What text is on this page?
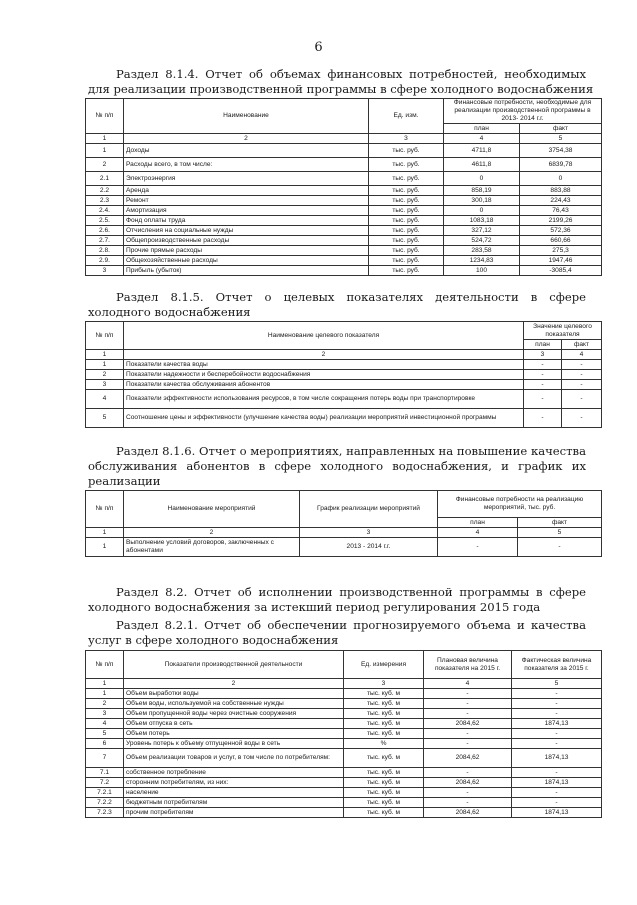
6
Раздел 8.1.4. Отчет об объемах финансовых потребностей, необходимых
для реализации производственной программы в сфере холодного водоснабжения
№ п/п	Наименование	Ед. изм.	Финансовые потребности, необходимые для реализации производственной программы в 2013- 2014 г.г.	
			план	факт
1	2	3	4	5
1	Доходы	тыс. руб.	4711,8	3754,38
2	Расходы всего, в том числе:	тыс. руб.	4611,8	6839,78
2.1	Электроэнергия	тыс. руб.	0	0
2.2	Аренда	тыс. руб.	858,19	883,88
2.3	Ремонт	тыс. руб.	300,18	224,43
2.4.	Амортизация	тыс. руб.	0	76,43
2.5.	Фонд оплаты труда	тыс. руб.	1083,18	2199,26
2.6.	Отчисления на социальные нужды	тыс. руб.	327,12	572,36
2.7.	Общепроизводственные расходы	тыс. руб.	524,72	660,66
2.8.	Прочие прямые расходы	тыс. руб.	283,58	275,3
2.9.	Общехозяйственные расходы	тыс. руб.	1234,83	1947,46
3	Прибыль (убыток)	тыс. руб.	100	-3085,4
Раздел 8.1.5. Отчет о целевых показателях деятельности в сфере
холодного водоснабжения
№ п/п	Наименование целевого показателя	Значение целевого показателя	
		план	факт
1	2	3	4
1	Показатели качества воды	-	-
2	Показатели надежности и бесперебойности водоснабжения	-	-
3	Показатели качества обслуживания абонентов	-	-
4	Показатели эффективности использования ресурсов, в том числе сокращения потерь воды при транспортировке	-	-
5	Соотношение цены и эффективности (улучшение качества воды) реализации мероприятий инвестиционной программы	-	-
Раздел 8.1.6. Отчет о мероприятиях, направленных на повышение качества
обслуживания абонентов в сфере холодного водоснабжения, и график их
реализации
№ п/п	Наименование мероприятий	График реализации мероприятий	Финансовые потребности на реализацию мероприятий, тыс. руб.	
			план	факт
1	2	3	4	5
1	Выполнение условий договоров, заключенных с абонентами	2013 - 2014 г.г.	-	-
Раздел 8.2. Отчет об исполнении производственной программы в сфере
холодного водоснабжения за истекший период регулирования 2015 года
Раздел 8.2.1. Отчет об обеспечении прогнозируемого объема и качества
услуг в сфере холодного водоснабжения
№ п/п	Показатели производственной деятельности	Ед. измерения	Плановая величина показателя на 2015 г.	Фактическая величина показателя за 2015 г.
1	2	3	4	5
1	Объем выработки воды	тыс. куб. м	-	-
2	Объем воды, используемой на собственные нужды	тыс. куб. м	-	-
3	Объем пропущенной воды через очистные сооружения	тыс. куб. м	-	-
4	Объем отпуска в сеть	тыс. куб. м	2084,62	1874,13
5	Объем потерь	тыс. куб. м	-	-
6	Уровень потерь к объему отпущенной воды в сеть	%	-	-
7	Объем реализации товаров и услуг, в том числе по потребителям:	тыс. куб. м	2084,62	1874,13
7.1	собственное потребление	тыс. куб. м	-	-
7.2	сторонним потребителям, из них:	тыс. куб. м	2084,62	1874,13
7.2.1	население	тыс. куб. м	-	-
7.2.2	бюджетным потребителям	тыс. куб. м	-	-
7.2.3	прочим потребителям	тыс. куб. м	2084,62	1874,13
